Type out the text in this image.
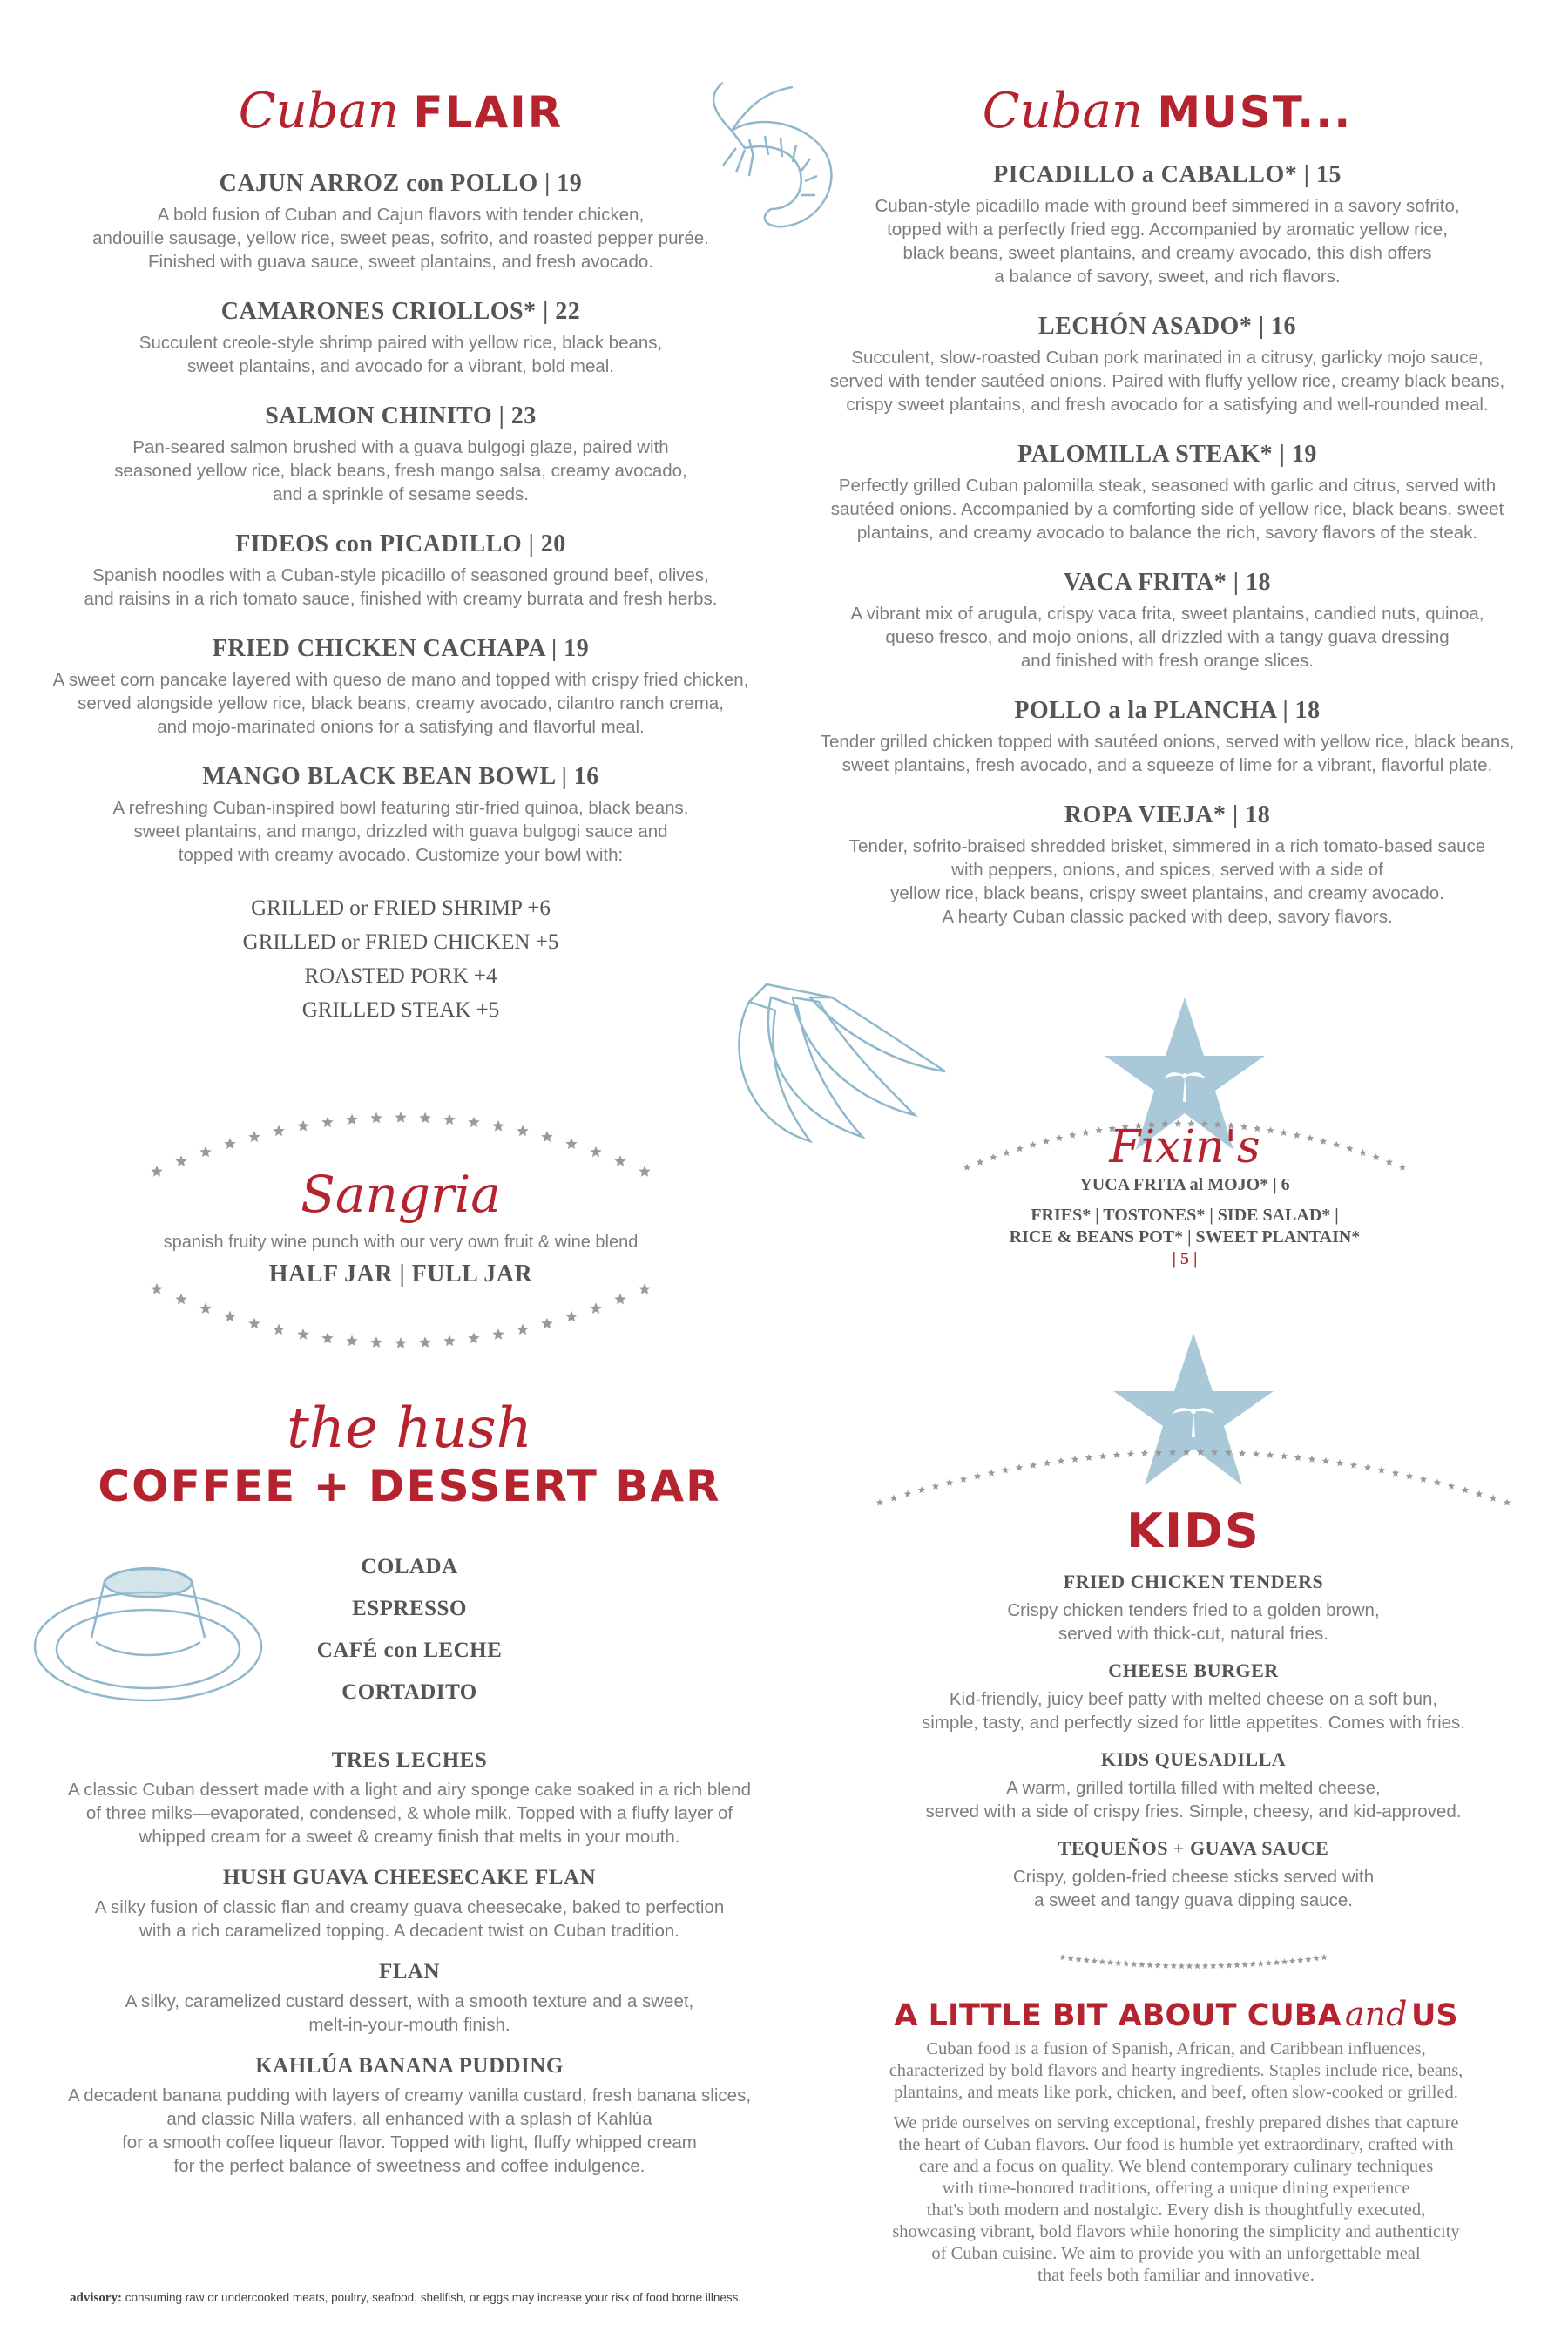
Cuban FLAIR
CAJUN ARROZ con POLLO | 19
A bold fusion of Cuban and Cajun flavors with tender chicken,
andouille sausage, yellow rice, sweet peas, sofrito, and roasted pepper purée.
Finished with guava sauce, sweet plantains, and fresh avocado.
CAMARONES CRIOLLOS* | 22
Succulent creole-style shrimp paired with yellow rice, black beans,
sweet plantains, and avocado for a vibrant, bold meal.
SALMON CHINITO | 23
Pan-seared salmon brushed with a guava bulgogi glaze, paired with
seasoned yellow rice, black beans, fresh mango salsa, creamy avocado,
and a sprinkle of sesame seeds.
FIDEOS con PICADILLO | 20
Spanish noodles with a Cuban-style picadillo of seasoned ground beef, olives,
and raisins in a rich tomato sauce, finished with creamy burrata and fresh herbs.
FRIED CHICKEN CACHAPA | 19
A sweet corn pancake layered with queso de mano and topped with crispy fried chicken,
served alongside yellow rice, black beans, creamy avocado, cilantro ranch crema,
and mojo-marinated onions for a satisfying and flavorful meal.
MANGO BLACK BEAN BOWL | 16
A refreshing Cuban-inspired bowl featuring stir-fried quinoa, black beans,
sweet plantains, and mango, drizzled with guava bulgogi sauce and
topped with creamy avocado. Customize your bowl with:
GRILLED or FRIED SHRIMP +6
GRILLED or FRIED CHICKEN +5
ROASTED PORK +4
GRILLED STEAK +5
Cuban MUST...
PICADILLO a CABALLO* | 15
Cuban-style picadillo made with ground beef simmered in a savory sofrito,
topped with a perfectly fried egg. Accompanied by aromatic yellow rice,
black beans, sweet plantains, and creamy avocado, this dish offers
a balance of savory, sweet, and rich flavors.
LECHÓN ASADO* | 16
Succulent, slow-roasted Cuban pork marinated in a citrusy, garlicky mojo sauce,
served with tender sautéed onions. Paired with fluffy yellow rice, creamy black beans,
crispy sweet plantains, and fresh avocado for a satisfying and well-rounded meal.
PALOMILLA STEAK* | 19
Perfectly grilled Cuban palomilla steak, seasoned with garlic and citrus, served with
sautéed onions. Accompanied by a comforting side of yellow rice, black beans, sweet
plantains, and creamy avocado to balance the rich, savory flavors of the steak.
VACA FRITA* | 18
A vibrant mix of arugula, crispy vaca frita, sweet plantains, candied nuts, quinoa,
queso fresco, and mojo onions, all drizzled with a tangy guava dressing
and finished with fresh orange slices.
POLLO a la PLANCHA | 18
Tender grilled chicken topped with sautéed onions, served with yellow rice, black beans,
sweet plantains, fresh avocado, and a squeeze of lime for a vibrant, flavorful plate.
ROPA VIEJA* | 18
Tender, sofrito-braised shredded brisket, simmered in a rich tomato-based sauce
with peppers, onions, and spices, served with a side of
yellow rice, black beans, crispy sweet plantains, and creamy avocado.
A hearty Cuban classic packed with deep, savory flavors.
Sangria
spanish fruity wine punch with our very own fruit & wine blend
HALF JAR | FULL JAR
Fixin's
YUCA FRITA al MOJO* | 6
FRIES* | TOSTONES* | SIDE SALAD* |
RICE & BEANS POT* | SWEET PLANTAIN*
| 5 |
the hush
COFFEE + DESSERT BAR
COLADA
ESPRESSO
CAFÉ con LECHE
CORTADITO
TRES LECHES
A classic Cuban dessert made with a light and airy sponge cake soaked in a rich blend
of three milks—evaporated, condensed, & whole milk. Topped with a fluffy layer of
whipped cream for a sweet & creamy finish that melts in your mouth.
HUSH GUAVA CHEESECAKE FLAN
A silky fusion of classic flan and creamy guava cheesecake, baked to perfection
with a rich caramelized topping. A decadent twist on Cuban tradition.
FLAN
A silky, caramelized custard dessert, with a smooth texture and a sweet,
melt-in-your-mouth finish.
KAHLÚA BANANA PUDDING
A decadent banana pudding with layers of creamy vanilla custard, fresh banana slices,
and classic Nilla wafers, all enhanced with a splash of Kahlúa
for a smooth coffee liqueur flavor. Topped with light, fluffy whipped cream
for the perfect balance of sweetness and coffee indulgence.
KIDS
FRIED CHICKEN TENDERS
Crispy chicken tenders fried to a golden brown,
served with thick-cut, natural fries.
CHEESE BURGER
Kid-friendly, juicy beef patty with melted cheese on a soft bun,
simple, tasty, and perfectly sized for little appetites. Comes with fries.
KIDS QUESADILLA
A warm, grilled tortilla filled with melted cheese,
served with a side of crispy fries. Simple, cheesy, and kid-approved.
TEQUEÑOS + GUAVA SAUCE
Crispy, golden-fried cheese sticks served with
a sweet and tangy guava dipping sauce.
A LITTLE BIT ABOUT CUBA and US
Cuban food is a fusion of Spanish, African, and Caribbean influences,
characterized by bold flavors and hearty ingredients. Staples include rice, beans,
plantains, and meats like pork, chicken, and beef, often slow-cooked or grilled.
We pride ourselves on serving exceptional, freshly prepared dishes that capture
the heart of Cuban flavors. Our food is humble yet extraordinary, crafted with
care and a focus on quality. We blend contemporary culinary techniques
with time-honored traditions, offering a unique dining experience
that's both modern and nostalgic. Every dish is thoughtfully executed,
showcasing vibrant, bold flavors while honoring the simplicity and authenticity
of Cuban cuisine. We aim to provide you with an unforgettable meal
that feels both familiar and innovative.
advisory: consuming raw or undercooked meats, poultry, seafood, shellfish, or eggs may increase your risk of food borne illness.
